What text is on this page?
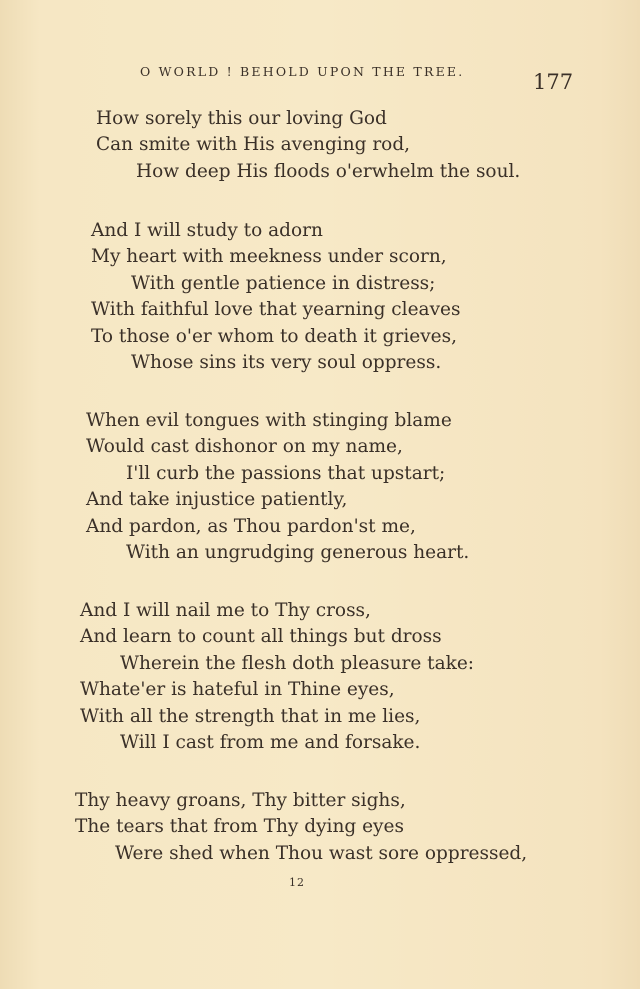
O WORLD ! BEHOLD UPON THE TREE.	177
How sorely this our loving God
Can smite with His avenging rod,
How deep His floods o'erwhelm the soul.
And I will study to adorn
My heart with meekness under scorn,
With gentle patience in distress;
With faithful love that yearning cleaves
To those o'er whom to death it grieves,
Whose sins its very soul oppress.
When evil tongues with stinging blame
Would cast dishonor on my name,
I'll curb the passions that upstart;
And take injustice patiently,
And pardon, as Thou pardon'st me,
With an ungrudging generous heart.
And I will nail me to Thy cross,
And learn to count all things but dross
Wherein the flesh doth pleasure take:
Whate'er is hateful in Thine eyes,
With all the strength that in me lies,
Will I cast from me and forsake.
Thy heavy groans, Thy bitter sighs,
The tears that from Thy dying eyes
Were shed when Thou wast sore oppressed,
12
